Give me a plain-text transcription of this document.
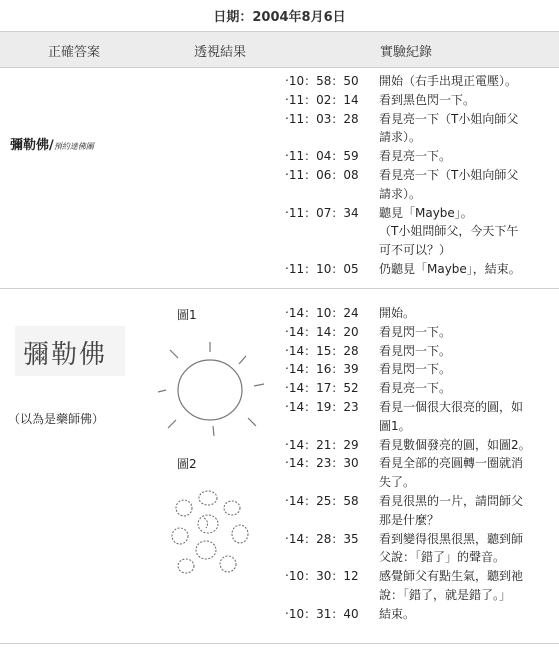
日期：2004年8月6日
正確答案	透視結果	實驗紀錄
彌勒佛/預約達佛團
‧10：58：50 開始（右手出現正電壓）。
‧11：02：14 看到黑色閃一下。
‧11：03：28 看見亮一下（T小姐向師父
請求）。
‧11：04：59 看見亮一下。
‧11：06：08 看見亮一下（T小姐向師父
請求）。
‧11：07：34 聽見「Maybe」。
（T小姐問師父，今天下午
可不可以？）
‧11：10：05 仍聽見「Maybe」，結束。
彌勒佛
（以為是藥師佛）
圖1
圖2
‧14：10：24 開始。
‧14：14：20 看見閃一下。
‧14：15：28 看見閃一下。
‧14：16：39 看見閃一下。
‧14：17：52 看見亮一下。
‧14：19：23 看見一個很大很亮的圓，如
圖1。
‧14：21：29 看見數個發亮的圓，如圖2。
‧14：23：30 看見全部的亮圓轉一圈就消
失了。
‧14：25：58 看見很黑的一片，請問師父
那是什麼？
‧14：28：35 看到變得很黑很黑，聽到師
父說：「錯了」的聲音。
‧10：30：12 感覺師父有點生氣，聽到祂
說：「錯了，就是錯了。」
‧10：31：40 結束。
